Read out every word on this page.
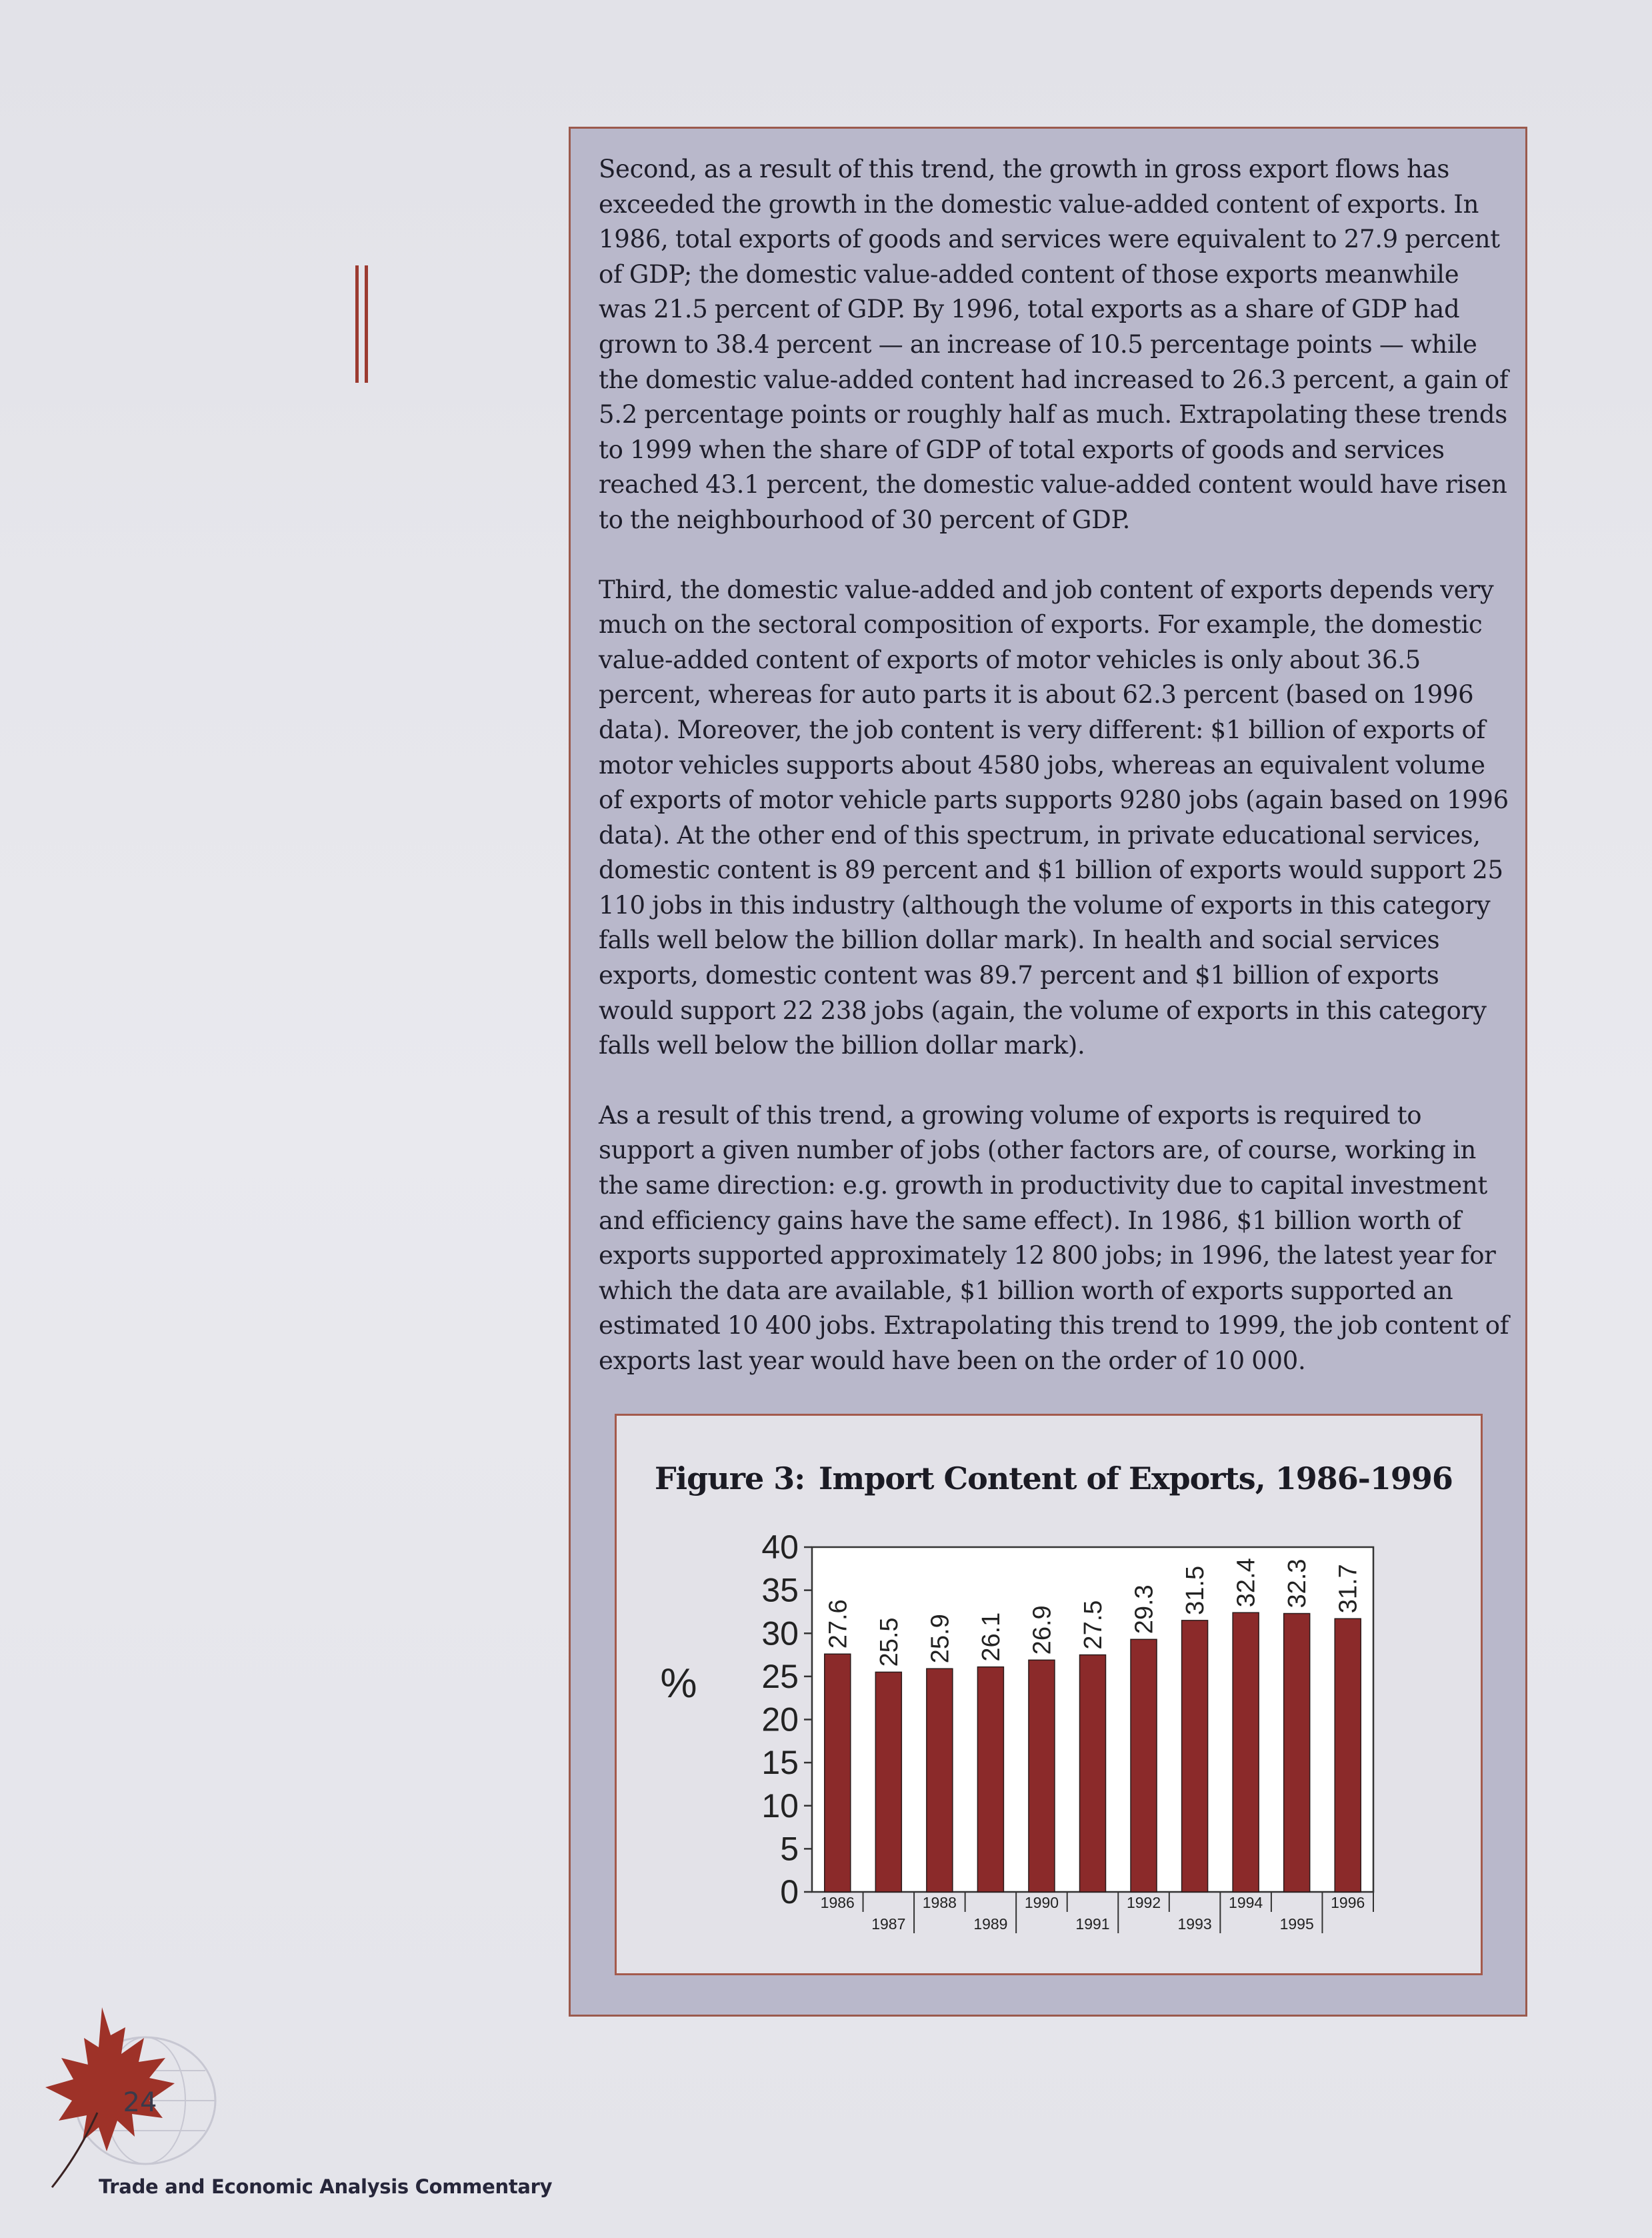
Second, as a result of this trend, the growth in gross export flows has exceeded the growth in the domestic value-added content of exports. In 1986, total exports of goods and services were equivalent to 27.9 percent of GDP; the domestic value-added content of those exports meanwhile was 21.5 percent of GDP. By 1996, total exports as a share of GDP had grown to 38.4 percent — an increase of 10.5 percentage points — while the domestic value-added content had increased to 26.3 percent, a gain of 5.2 percentage points or roughly half as much. Extrapolating these trends to 1999 when the share of GDP of total exports of goods and services reached 43.1 percent, the domestic value-added content would have risen to the neighbourhood of 30 percent of GDP.

Third, the domestic value-added and job content of exports depends very much on the sectoral composition of exports. For example, the domestic value-added content of exports of motor vehicles is only about 36.5 percent, whereas for auto parts it is about 62.3 percent (based on 1996 data). Moreover, the job content is very different: $1 billion of exports of motor vehicles supports about 4580 jobs, whereas an equivalent volume of exports of motor vehicle parts supports 9280 jobs (again based on 1996 data). At the other end of this spectrum, in private educational services, domestic content is 89 percent and $1 billion of exports would support 25 110 jobs in this industry (although the volume of exports in this category falls well below the billion dollar mark). In health and social services exports, domestic content was 89.7 percent and $1 billion of exports would support 22 238 jobs (again, the volume of exports in this category falls well below the billion dollar mark).

As a result of this trend, a growing volume of exports is required to support a given number of jobs (other factors are, of course, working in the same direction: e.g. growth in productivity due to capital investment and efficiency gains have the same effect). In 1986, $1 billion worth of exports supported approximately 12 800 jobs; in 1996, the latest year for which the data are available, $1 billion worth of exports supported an estimated 10 400 jobs. Extrapolating this trend to 1999, the job content of exports last year would have been on the order of 10 000.

Figure 3: Import Content of Exports, 1986-1996
0
5
10
15
20
25
30
35
40
%
27.6 25.5 25.9 26.1 26.9 27.5 29.3 31.5 32.4 32.3 31.7
1986
1987
1988
1989
1990
1991
1992
1993
1994
1995
1996
24
Trade and Economic Analysis Commentary
